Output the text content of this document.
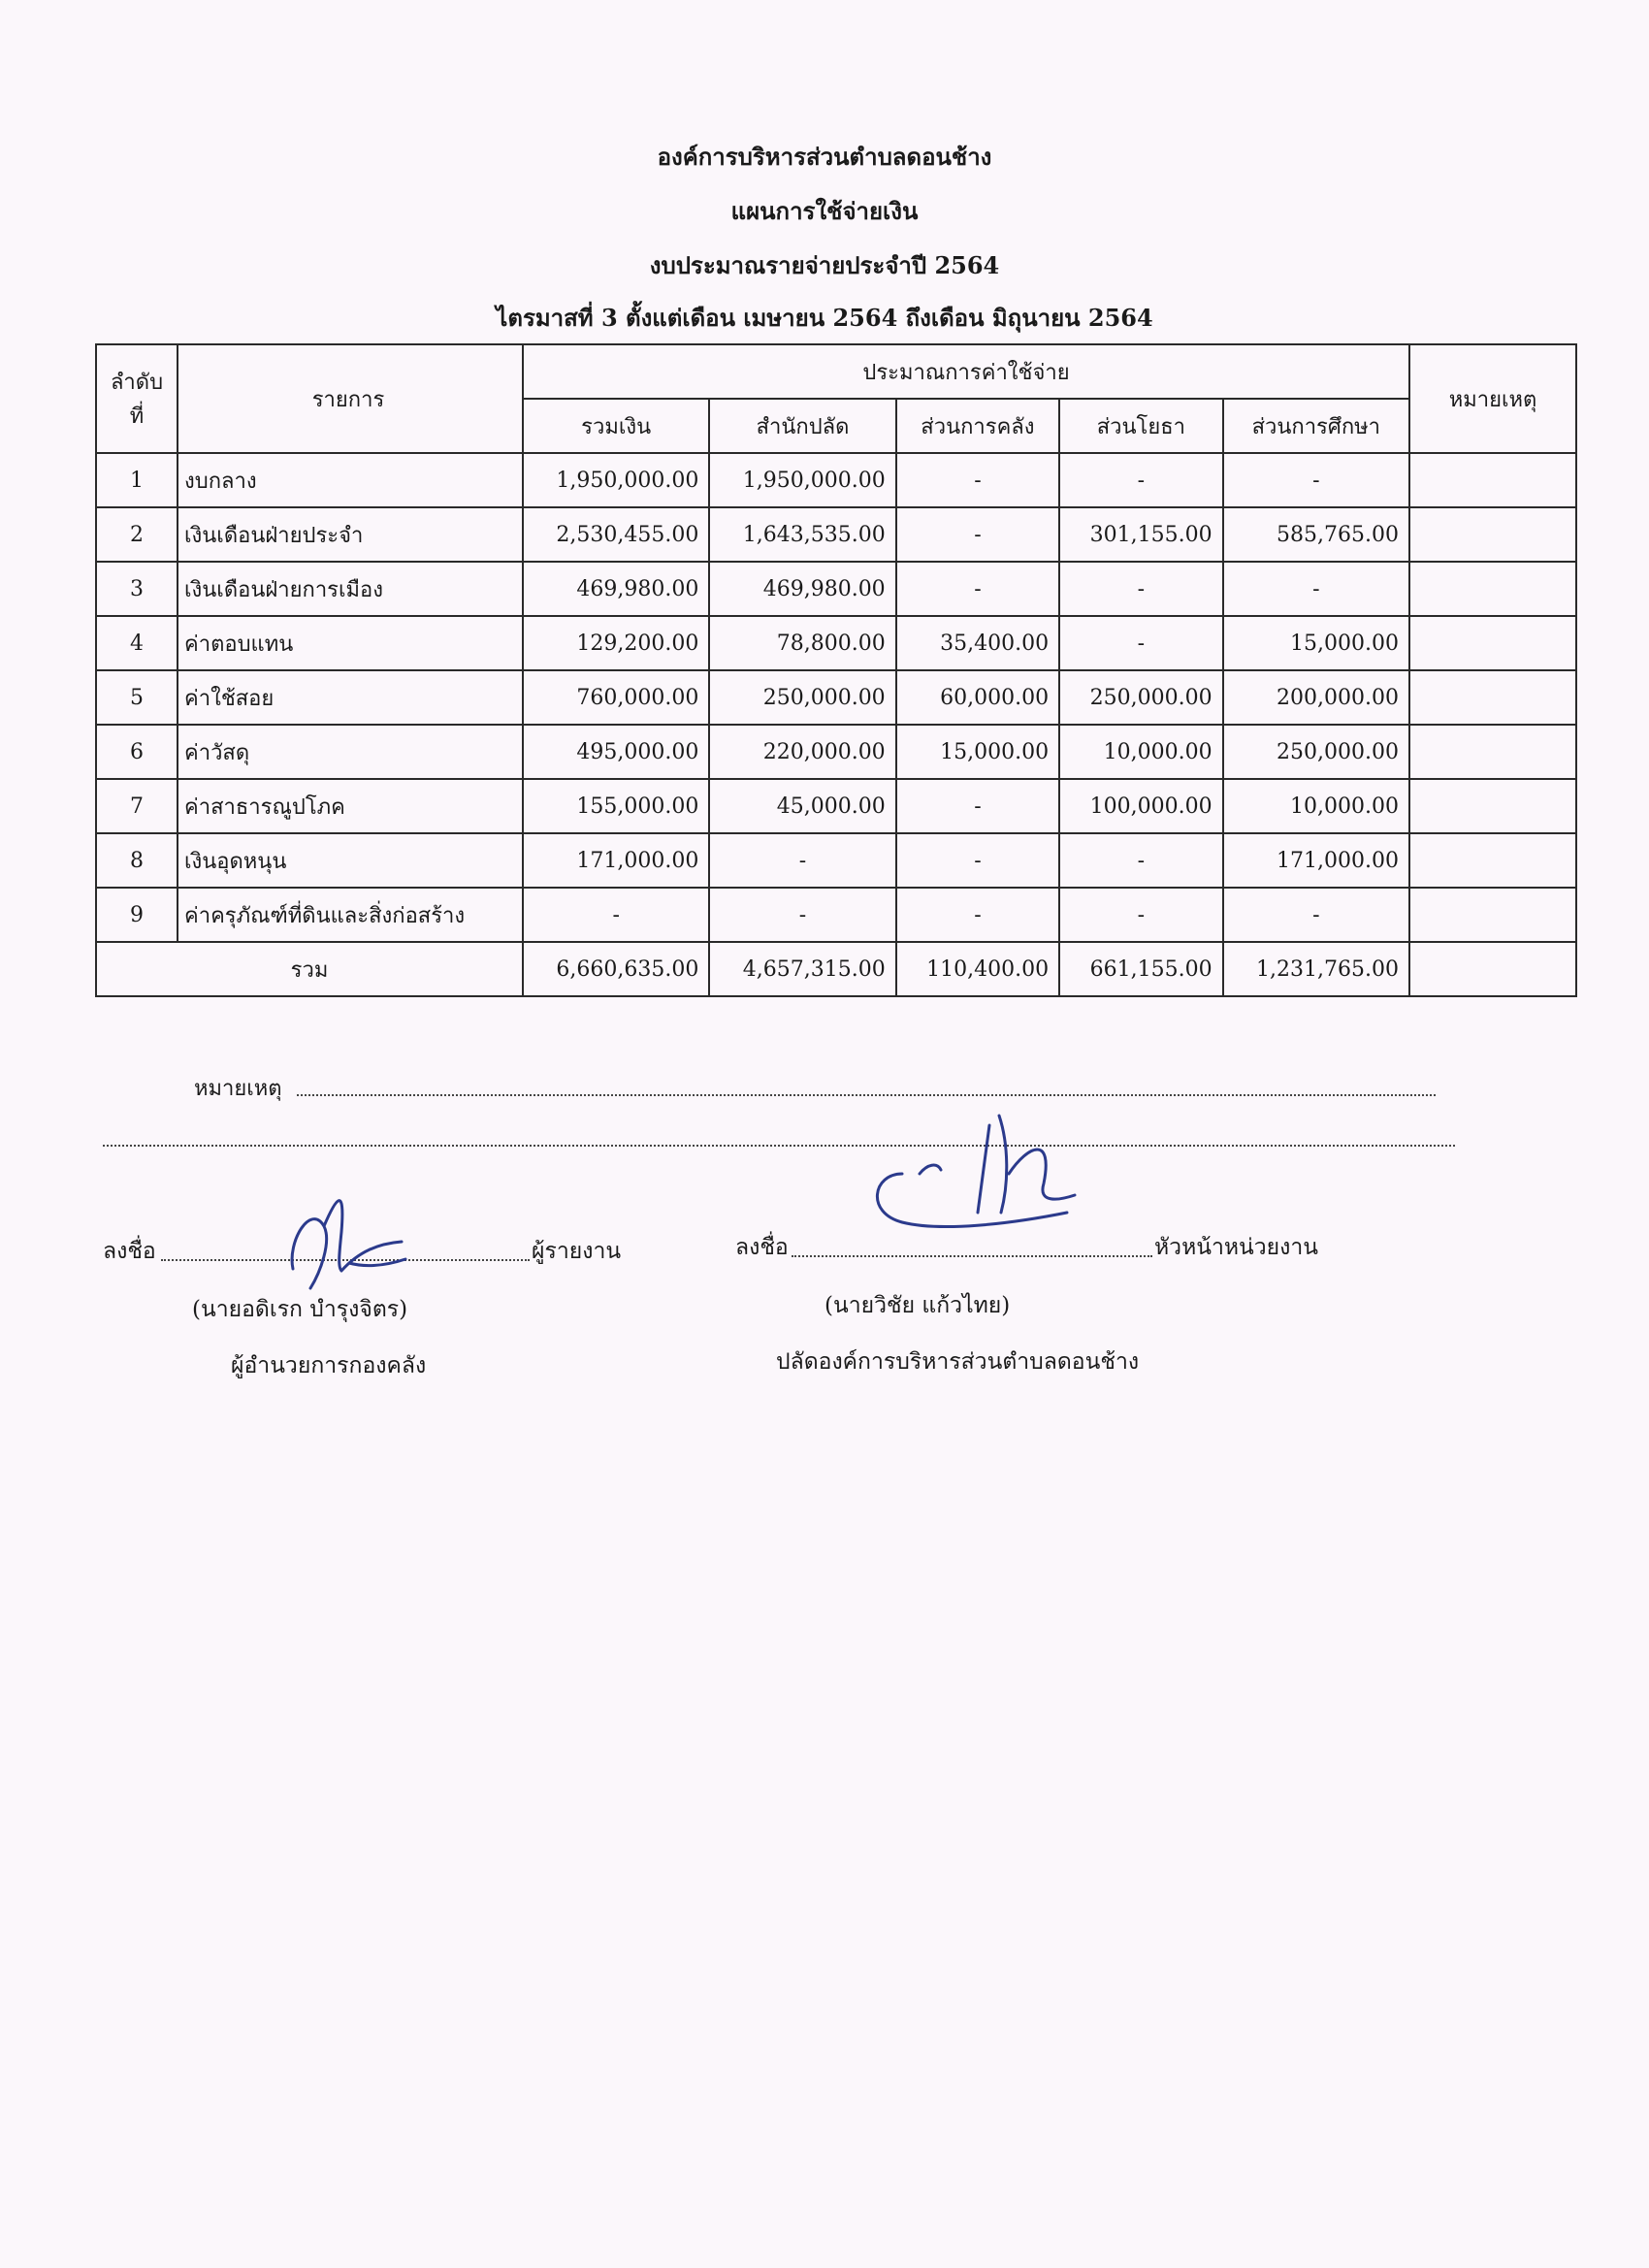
องค์การบริหารส่วนตำบลดอนช้าง
แผนการใช้จ่ายเงิน
งบประมาณรายจ่ายประจำปี 2564
ไตรมาสที่ 3 ตั้งแต่เดือน เมษายน 2564 ถึงเดือน มิถุนายน 2564
ลำดับที่	รายการ	ประมาณการค่าใช้จ่าย					หมายเหตุ
		รวมเงิน	สำนักปลัด	ส่วนการคลัง	ส่วนโยธา	ส่วนการศึกษา	
1	งบกลาง	1,950,000.00	1,950,000.00	-	-	-	
2	เงินเดือนฝ่ายประจำ	2,530,455.00	1,643,535.00	-	301,155.00	585,765.00	
3	เงินเดือนฝ่ายการเมือง	469,980.00	469,980.00	-	-	-	
4	ค่าตอบแทน	129,200.00	78,800.00	35,400.00	-	15,000.00	
5	ค่าใช้สอย	760,000.00	250,000.00	60,000.00	250,000.00	200,000.00	
6	ค่าวัสดุ	495,000.00	220,000.00	15,000.00	10,000.00	250,000.00	
7	ค่าสาธารณูปโภค	155,000.00	45,000.00	-	100,000.00	10,000.00	
8	เงินอุดหนุน	171,000.00	-	-	-	171,000.00	
9	ค่าครุภัณฑ์ที่ดินและสิ่งก่อสร้าง	-	-	-	-	-	
รวม		6,660,635.00	4,657,315.00	110,400.00	661,155.00	1,231,765.00	
หมายเหตุ
ลงชื่อ	ผู้รายงาน
(นายอดิเรก บำรุงจิตร)
ผู้อำนวยการกองคลัง
ลงชื่อ	หัวหน้าหน่วยงาน
(นายวิชัย แก้วไทย)
ปลัดองค์การบริหารส่วนตำบลดอนช้าง
